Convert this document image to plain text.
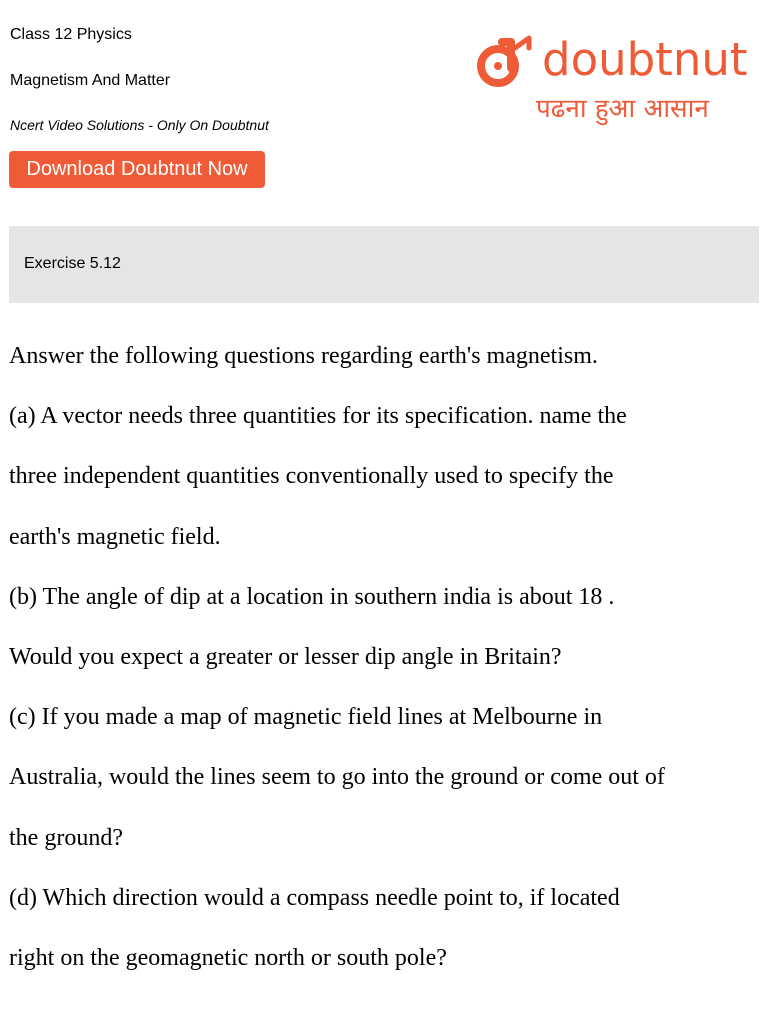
Class 12 Physics
Magnetism And Matter
Ncert Video Solutions - Only On Doubtnut
Download Doubtnut Now
doubtnut
पढना हुआ आसान
Exercise 5.12
Answer the following questions regarding earth's magnetism.
(a) A vector needs three quantities for its specification. name the
three independent quantities conventionally used to specify the
earth's magnetic field.
(b) The angle of dip at a location in southern india is about 18 .
Would you expect a greater or lesser dip angle in Britain?
(c) If you made a map of magnetic field lines at Melbourne in
Australia, would the lines seem to go into the ground or come out of
the ground?
(d) Which direction would a compass needle point to, if located
right on the geomagnetic north or south pole?
